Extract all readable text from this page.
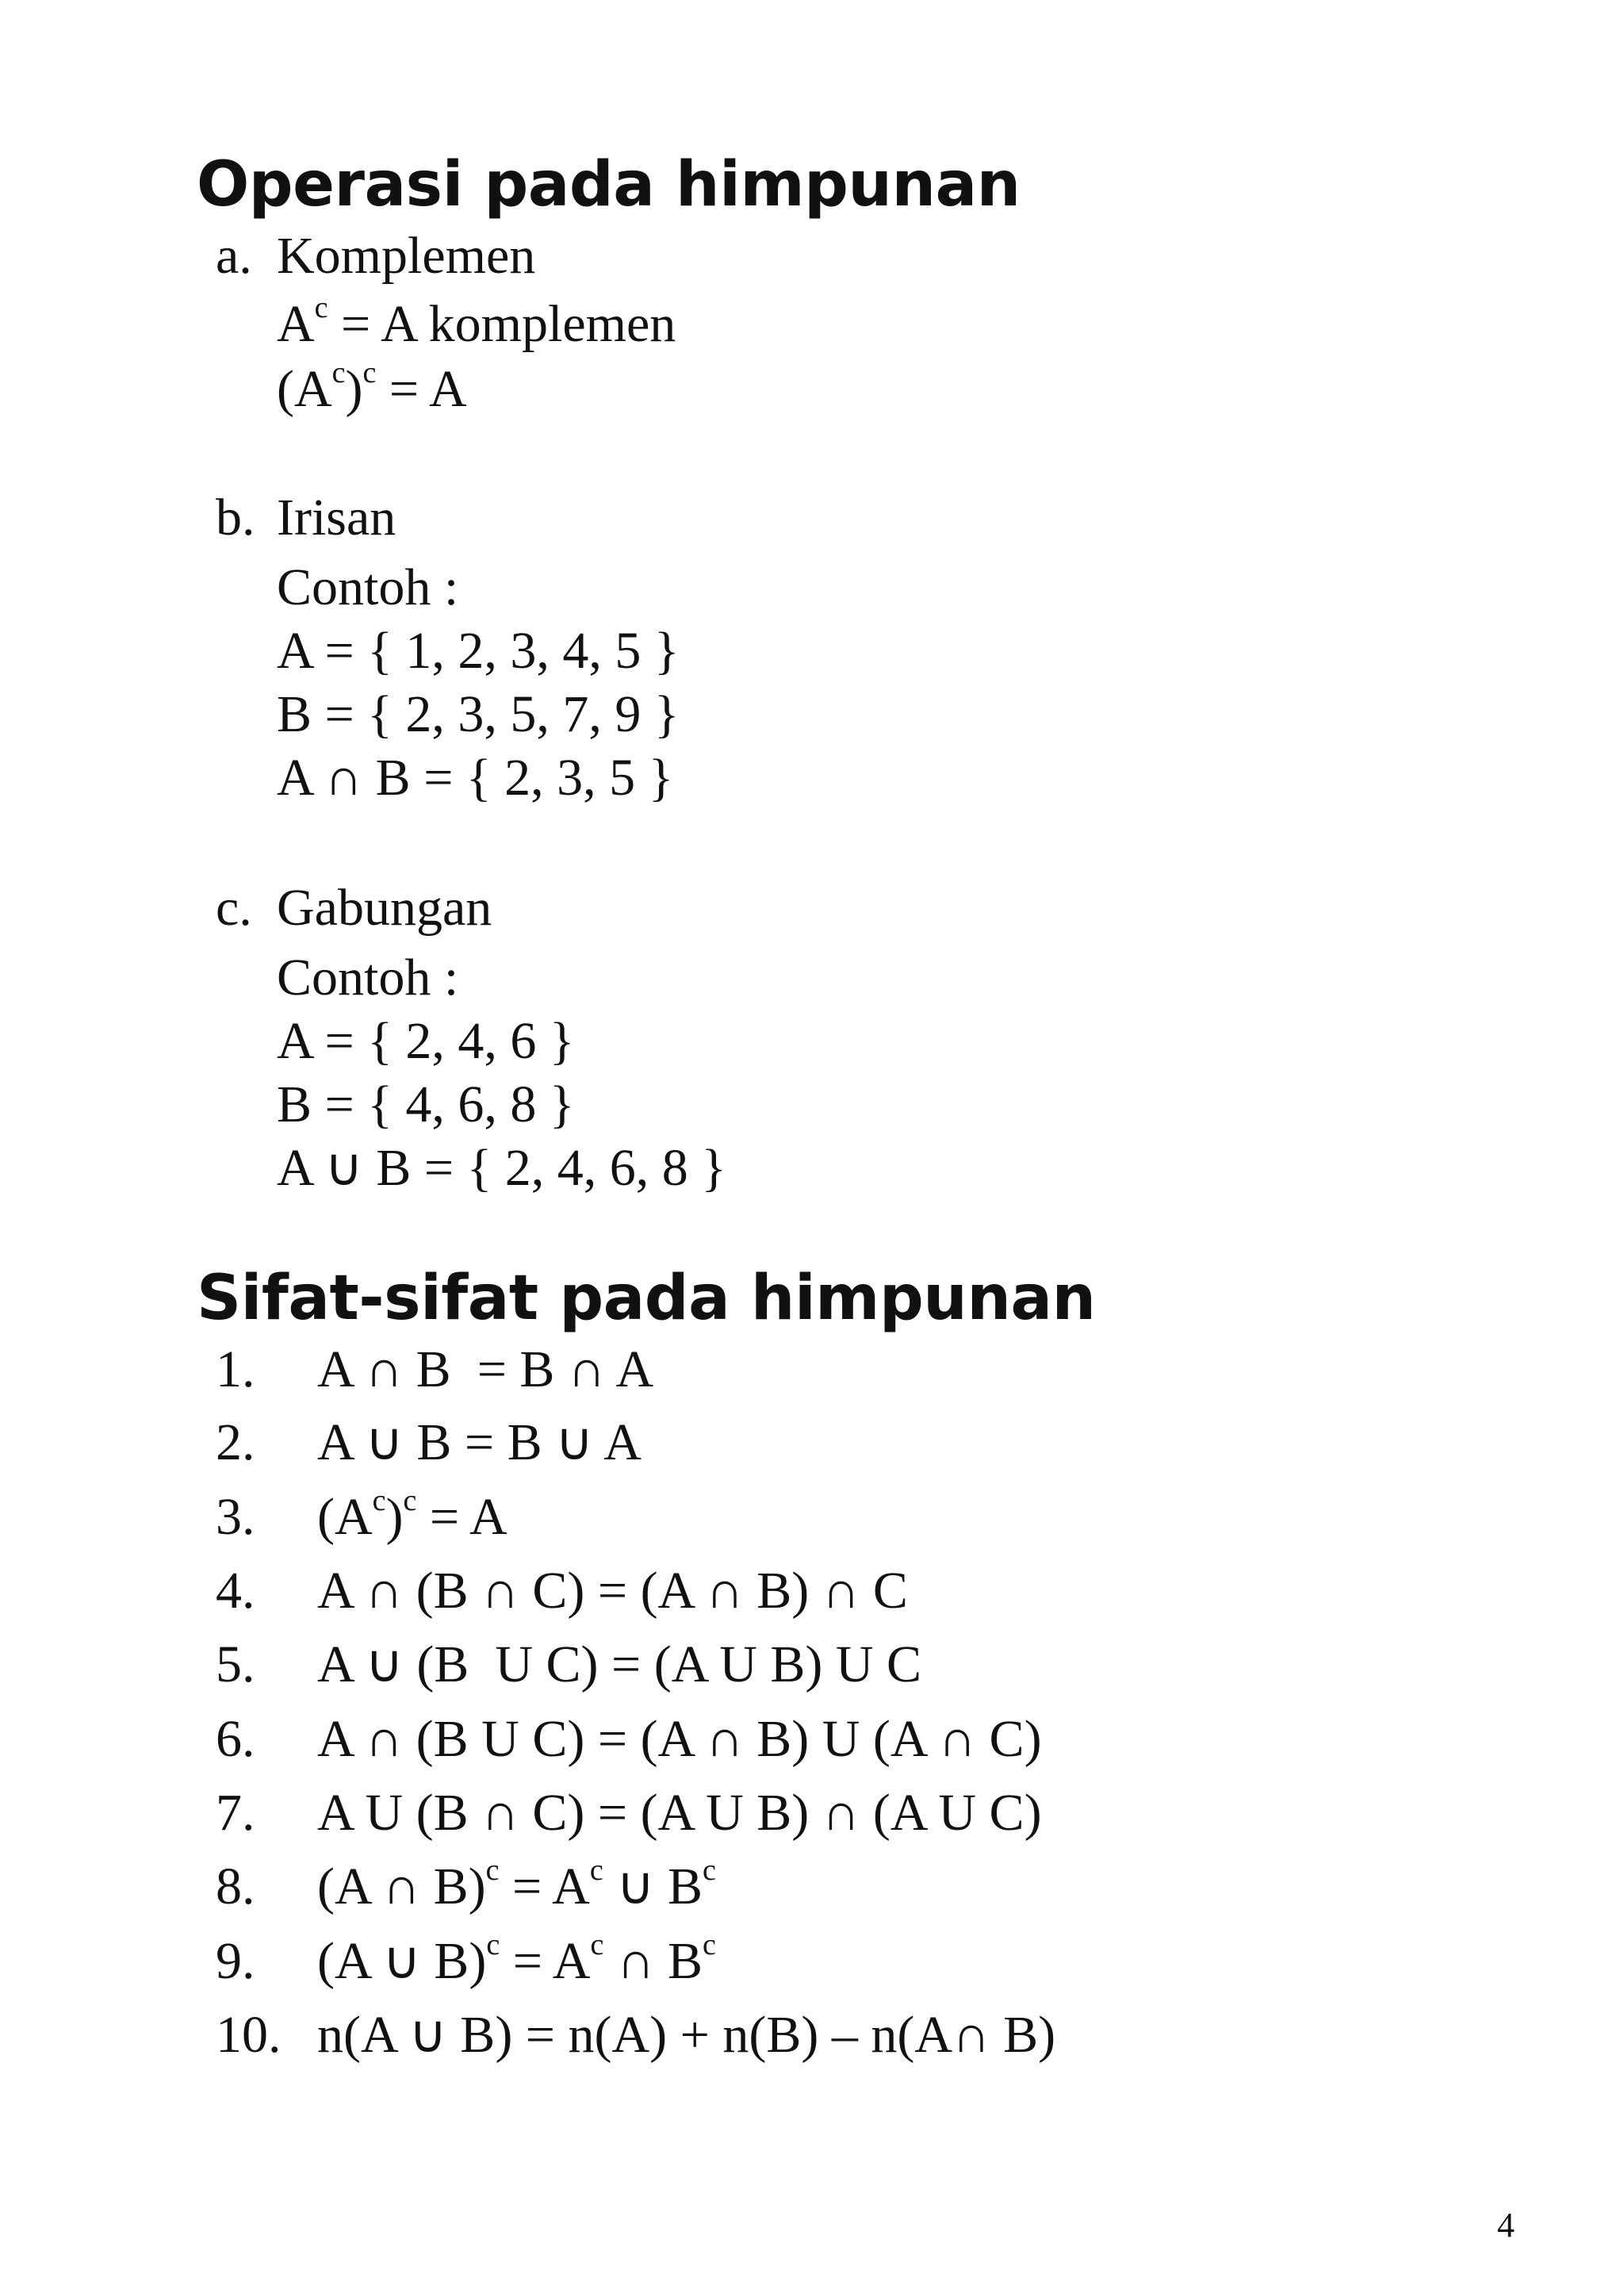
Operasi pada himpunan
a. Komplemen
$A^c = A$ komplemen
$(A^c)^c = A$
b. Irisan
Contoh :
A = { 1, 2, 3, 4, 5 }
B = { 2, 3, 5, 7, 9 }
A ∩ B = { 2, 3, 5 }
c. Gabungan
Contoh :
A = { 2, 4, 6 }
B = { 4, 6, 8 }
A ∪ B = { 2, 4, 6, 8 }
Sifat-sifat pada himpunan
1. A ∩ B  = B ∩ A
2. A ∪ B = B ∪ A
3. $(A^c)^c = A$
4. A ∩ (B ∩ C) = (A ∩ B) ∩ C
5. A ∪ (B  U C) = (A U B) U C
6. A ∩ (B U C) = (A ∩ B) U (A ∩ C)
7. A U (B ∩ C) = (A U B) ∩ (A U C)
8. (A ∩ $B)^c = A^c$ ∪ $B^c$
9. (A ∪ $B)^c = A^c$ ∩ $B^c$
10. n(A ∪ B) = n(A) + n(B) – n(A∩ B)
4
